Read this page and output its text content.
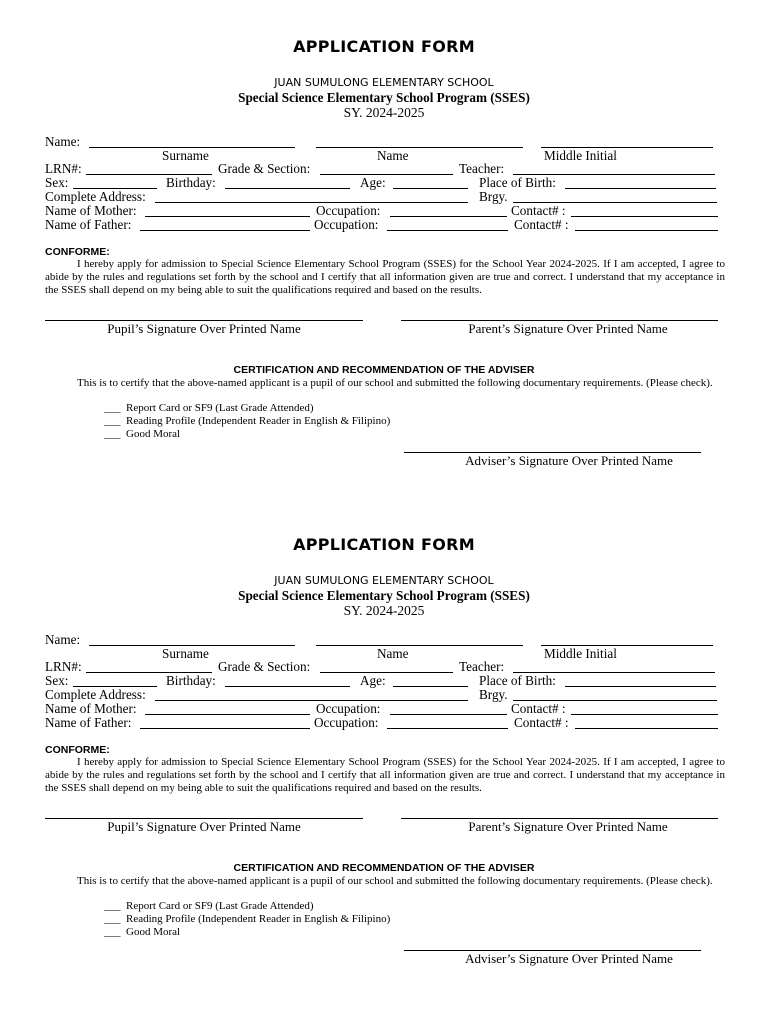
APPLICATION FORM
JUAN SUMULONG ELEMENTARY SCHOOL
Special Science Elementary School Program (SSES)
SY. 2024-2025
Name:
Surname	Name	Middle Initial
LRN#:	Grade & Section:	Teacher:
Sex:	Birthday:	Age:	Place of Birth:
Complete Address:	Brgy.
Name of Mother:	Occupation:	Contact# :
Name of Father:	Occupation:	Contact# :
CONFORME:
I hereby apply for admission to Special Science Elementary School Program (SSES) for the School Year 2024-2025. If I am accepted, I agree to abide by the rules and regulations set forth by the school and I certify that all information given are true and correct. I understand that my acceptance in the SSES shall depend on my being able to suit the qualifications required and based on the results.
Pupil’s Signature Over Printed Name	Parent’s Signature Over Printed Name
CERTIFICATION AND RECOMMENDATION OF THE ADVISER
This is to certify that the above-named applicant is a pupil of our school and submitted the following documentary requirements. (Please check).
___ Report Card or SF9 (Last Grade Attended)
___ Reading Profile (Independent Reader in English & Filipino)
___ Good Moral
Adviser’s Signature Over Printed Name
APPLICATION FORM
JUAN SUMULONG ELEMENTARY SCHOOL
Special Science Elementary School Program (SSES)
SY. 2024-2025
Name:
Surname	Name	Middle Initial
LRN#:	Grade & Section:	Teacher:
Sex:	Birthday:	Age:	Place of Birth:
Complete Address:	Brgy.
Name of Mother:	Occupation:	Contact# :
Name of Father:	Occupation:	Contact# :
CONFORME:
I hereby apply for admission to Special Science Elementary School Program (SSES) for the School Year 2024-2025. If I am accepted, I agree to abide by the rules and regulations set forth by the school and I certify that all information given are true and correct. I understand that my acceptance in the SSES shall depend on my being able to suit the qualifications required and based on the results.
Pupil’s Signature Over Printed Name	Parent’s Signature Over Printed Name
CERTIFICATION AND RECOMMENDATION OF THE ADVISER
This is to certify that the above-named applicant is a pupil of our school and submitted the following documentary requirements. (Please check).
___ Report Card or SF9 (Last Grade Attended)
___ Reading Profile (Independent Reader in English & Filipino)
___ Good Moral
Adviser’s Signature Over Printed Name
